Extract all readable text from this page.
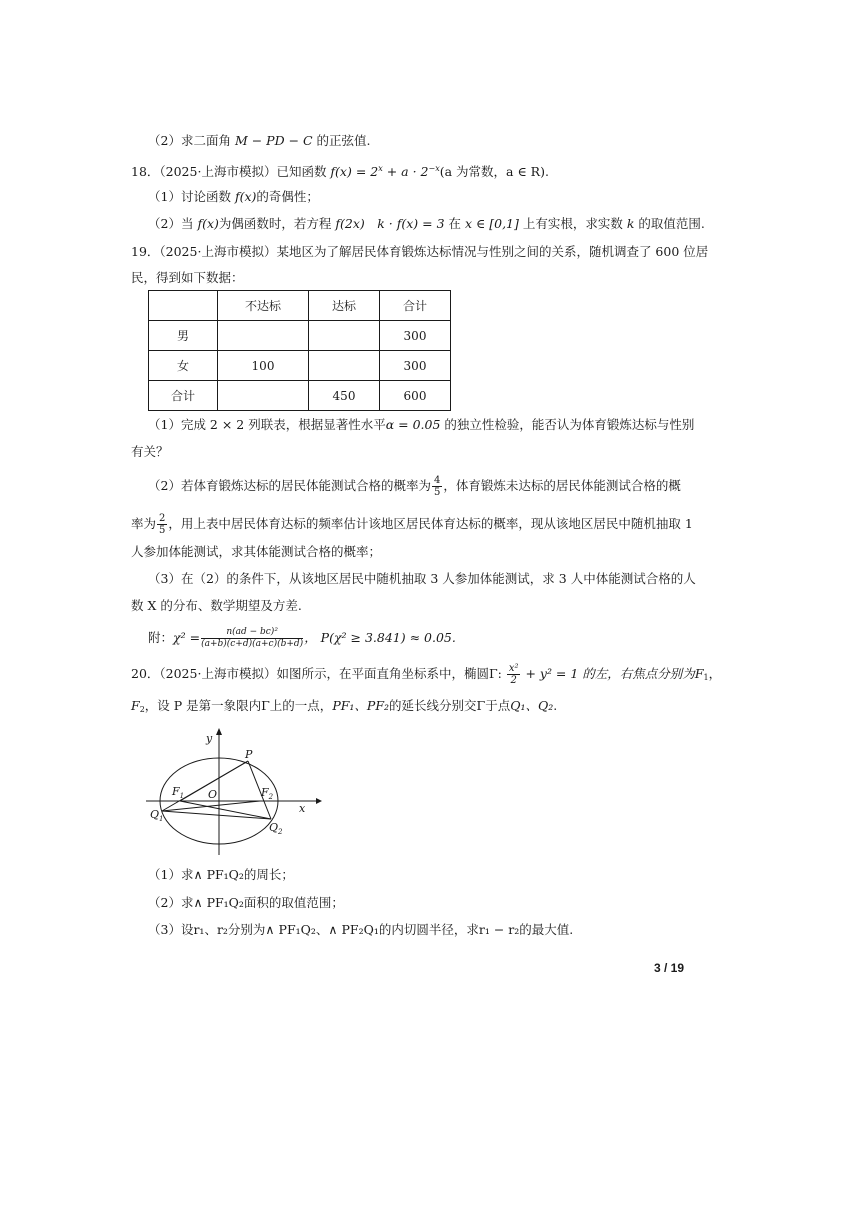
（2）求二面角 M − PD − C 的正弦值.
18．（2025·上海市模拟）已知函数 $f(x) = 2^x + a \cdot 2^{-x}(a$ 为常数，a ∈ R).
（1）讨论函数 f(x)的奇偶性；
（2）当 f(x)为偶函数时，若方程 f(2x)　k · f(x) = 3 在 x ∈ [0,1] 上有实根，求实数 k 的取值范围.
19．（2025·上海市模拟）某地区为了解居民体育锻炼达标情况与性别之间的关系，随机调查了 600 位居
民，得到如下数据：
	不达标	达标	合计
男			300
女	100		300
合计		450	600
（1）完成 2 × 2 列联表，根据显著性水平α = 0.05 的独立性检验，能否认为体育锻炼达标与性别
有关？
（2）若体育锻炼达标的居民体能测试合格的概率为 $\frac{4}{5}$ ，体育锻炼未达标的居民体能测试合格的概
率为 $\frac{2}{5}$ ，用上表中居民体育达标的频率估计该地区居民体育达标的概率，现从该地区居民中随机抽取 1
人参加体能测试，求其体能测试合格的概率；
（3）在（2）的条件下，从该地区居民中随机抽取 3 人参加体能测试，求 3 人中体能测试合格的人
数 X 的分布、数学期望及方差.
附：$\chi^2 = \frac{\text{n(ad − bc)²}}{(a+b)(c+d)(a+c)(b+d)}$ ， P(χ² ≥ 3.841) ≈ 0.05.
20．（2025·上海市模拟）如图所示，在平面直角坐标系中，椭圆Γ: $\frac{\text{x²}}{2} + y^2 = 1$ 的左，右焦点分别为$F_1$，
$F_2$，设 P 是第一象限内Γ上的一点，PF₁、PF₂的延长线分别交Γ于点Q₁、Q₂.
y
x
P
O
$F_1$	$F_2$
$Q_1$
$Q_2$
（1）求∧ PF₁Q₂的周长；
（2）求∧ PF₁Q₂面积的取值范围；
（3）设r₁、r₂分别为∧ PF₁Q₂、∧ PF₂Q₁的内切圆半径，求r₁ − r₂的最大值.
3 / 19
